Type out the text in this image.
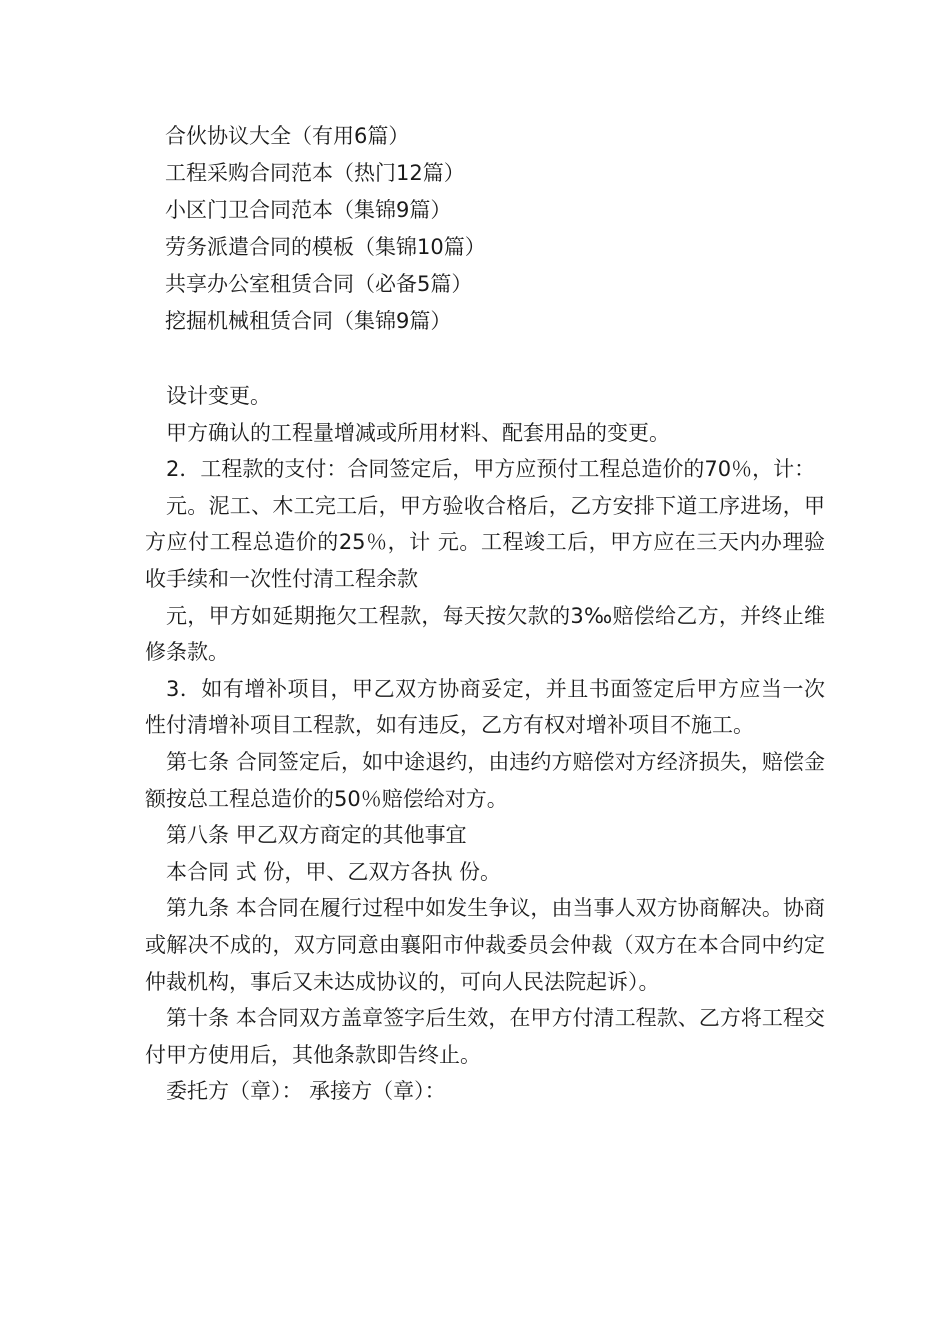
合伙协议大全（有用6篇）
工程采购合同范本（热门12篇）
小区门卫合同范本（集锦9篇）
劳务派遣合同的模板（集锦10篇）
共享办公室租赁合同（必备5篇）
挖掘机械租赁合同（集锦9篇）

设计变更。

甲方确认的工程量增减或所用材料、配套用品的变更。

2．工程款的支付：合同签定后，甲方应预付工程总造价的70％，计：

元。泥工、木工完工后，甲方验收合格后，乙方安排下道工序进场，甲方应付工程总造价的25％，计 元。工程竣工后，甲方应在三天内办理验收手续和一次性付清工程余款

元，甲方如延期拖欠工程款，每天按欠款的3‰赔偿给乙方，并终止维修条款。

3．如有增补项目，甲乙双方协商妥定，并且书面签定后甲方应当一次性付清增补项目工程款，如有违反，乙方有权对增补项目不施工。

第七条 合同签定后，如中途退约，由违约方赔偿对方经济损失，赔偿金额按总工程总造价的50％赔偿给对方。

第八条 甲乙双方商定的其他事宜

本合同 式 份，甲、乙双方各执 份。

第九条 本合同在履行过程中如发生争议，由当事人双方协商解决。协商或解决不成的，双方同意由襄阳市仲裁委员会仲裁（双方在本合同中约定仲裁机构，事后又未达成协议的，可向人民法院起诉）。

第十条 本合同双方盖章签字后生效，在甲方付清工程款、乙方将工程交付甲方使用后，其他条款即告终止。

委托方（章）： 承接方（章）：
